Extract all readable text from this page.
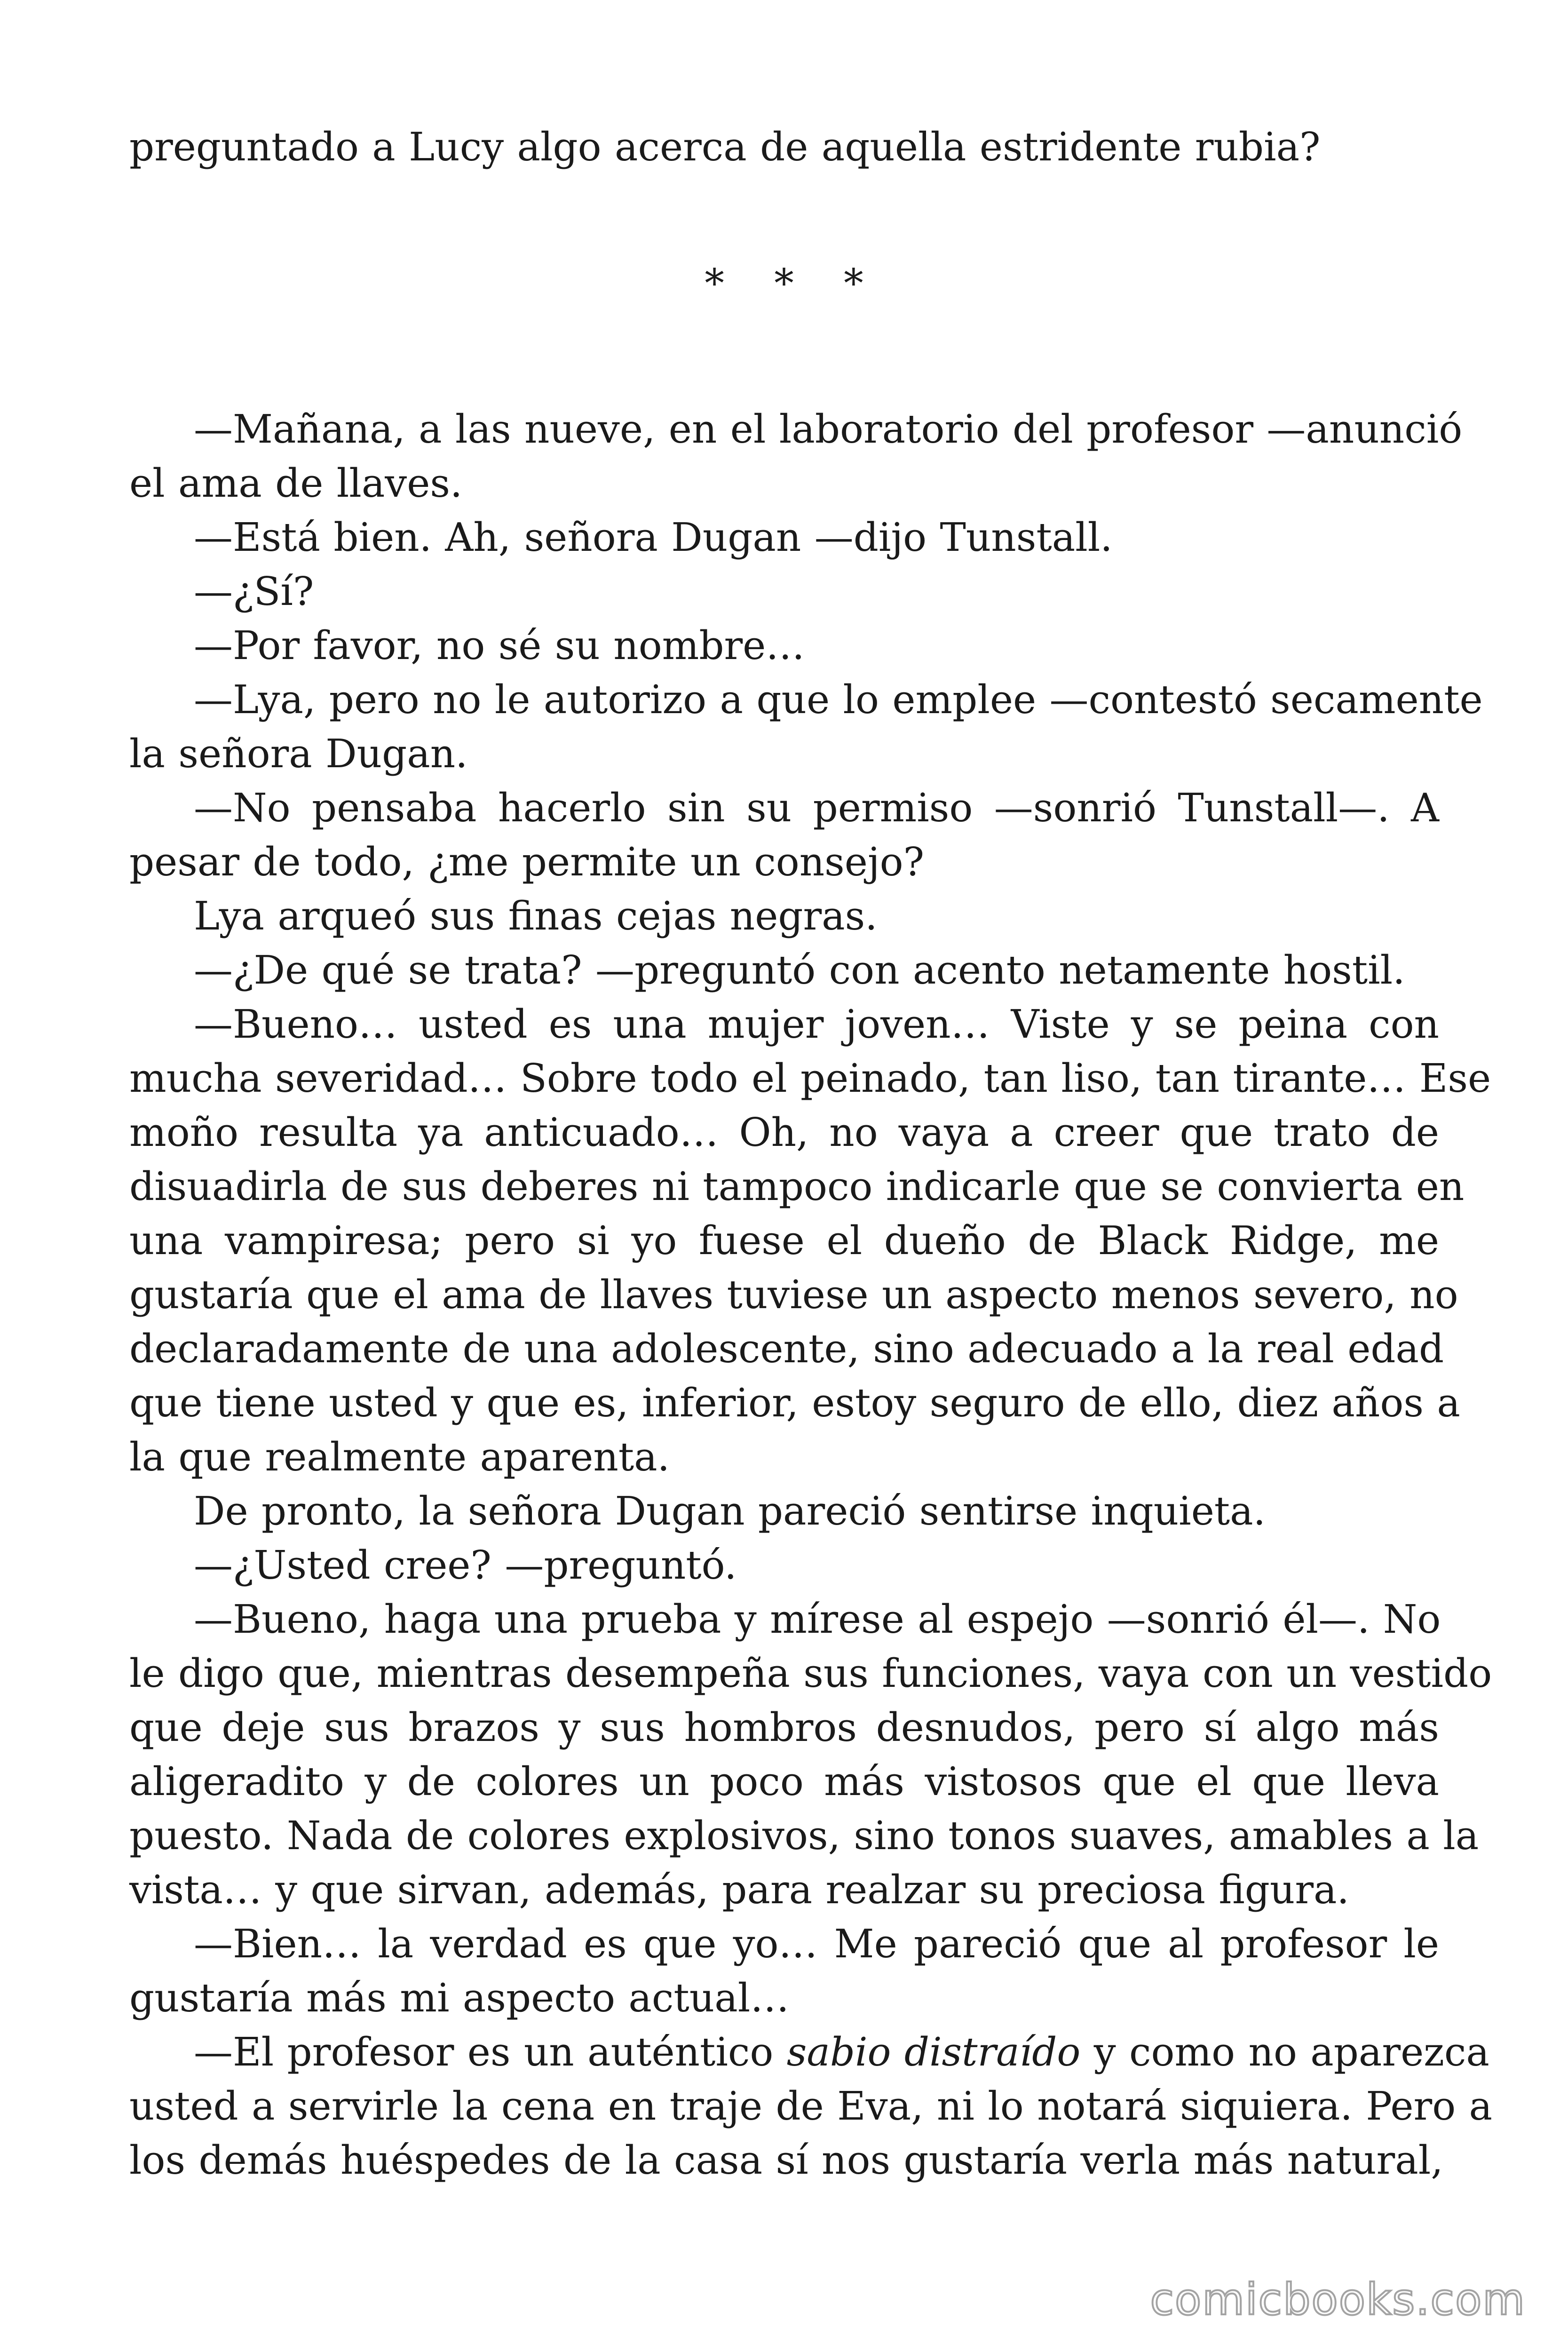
preguntado a Lucy algo acerca de aquella estridente rubia?
* * *
—Mañana, a las nueve, en el laboratorio del profesor —anunció
el ama de llaves.
—Está bien. Ah, señora Dugan —dijo Tunstall.
—¿Sí?
—Por favor, no sé su nombre…
—Lya, pero no le autorizo a que lo emplee —contestó secamente
la señora Dugan.
—No pensaba hacerlo sin su permiso —sonrió Tunstall—. A
pesar de todo, ¿me permite un consejo?
Lya arqueó sus finas cejas negras.
—¿De qué se trata? —preguntó con acento netamente hostil.
—Bueno… usted es una mujer joven… Viste y se peina con
mucha severidad… Sobre todo el peinado, tan liso, tan tirante… Ese
moño resulta ya anticuado… Oh, no vaya a creer que trato de
disuadirla de sus deberes ni tampoco indicarle que se convierta en
una vampiresa; pero si yo fuese el dueño de Black Ridge, me
gustaría que el ama de llaves tuviese un aspecto menos severo, no
declaradamente de una adolescente, sino adecuado a la real edad
que tiene usted y que es, inferior, estoy seguro de ello, diez años a
la que realmente aparenta.
De pronto, la señora Dugan pareció sentirse inquieta.
—¿Usted cree? —preguntó.
—Bueno, haga una prueba y mírese al espejo —sonrió él—. No
le digo que, mientras desempeña sus funciones, vaya con un vestido
que deje sus brazos y sus hombros desnudos, pero sí algo más
aligeradito y de colores un poco más vistosos que el que lleva
puesto. Nada de colores explosivos, sino tonos suaves, amables a la
vista… y que sirvan, además, para realzar su preciosa figura.
—Bien… la verdad es que yo… Me pareció que al profesor le
gustaría más mi aspecto actual…
—El profesor es un auténtico sabio distraído y como no aparezca
usted a servirle la cena en traje de Eva, ni lo notará siquiera. Pero a
los demás huéspedes de la casa sí nos gustaría verla más natural,
comicbooks.com
